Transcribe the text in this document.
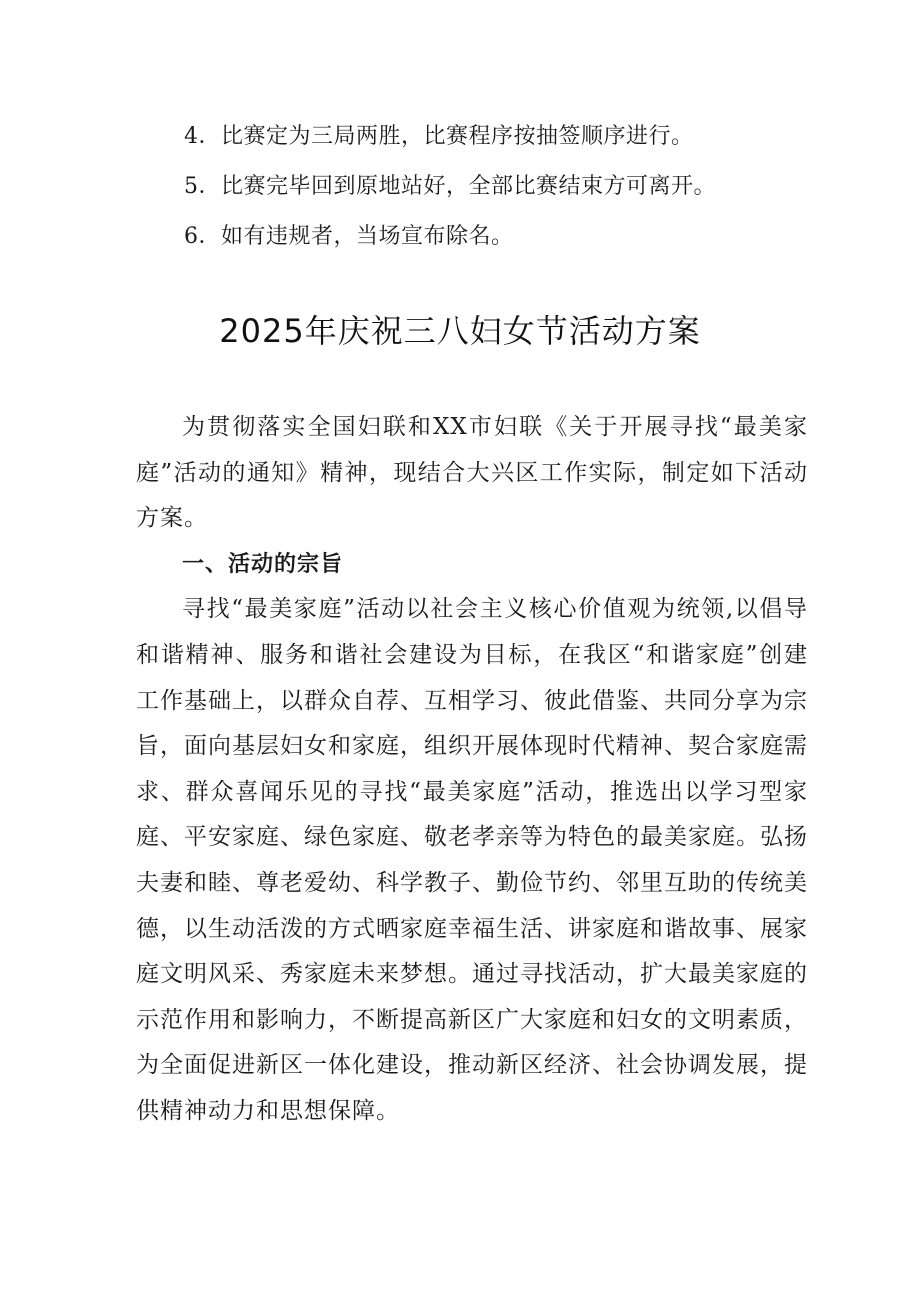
4．比赛定为三局两胜，比赛程序按抽签顺序进行。
5．比赛完毕回到原地站好，全部比赛结束方可离开。
6．如有违规者，当场宣布除名。
2025年庆祝三八妇女节活动方案

为贯彻落实全国妇联和XX市妇联《关于开展寻找“最美家庭”活动的通知》精神，现结合大兴区工作实际，制定如下活动方案。

一、活动的宗旨

寻找“最美家庭”活动以社会主义核心价值观为统领,以倡导和谐精神、服务和谐社会建设为目标，在我区“和谐家庭”创建工作基础上，以群众自荐、互相学习、彼此借鉴、共同分享为宗旨，面向基层妇女和家庭，组织开展体现时代精神、契合家庭需求、群众喜闻乐见的寻找“最美家庭”活动，推选出以学习型家庭、平安家庭、绿色家庭、敬老孝亲等为特色的最美家庭。弘扬夫妻和睦、尊老爱幼、科学教子、勤俭节约、邻里互助的传统美德，以生动活泼的方式晒家庭幸福生活、讲家庭和谐故事、展家庭文明风采、秀家庭未来梦想。通过寻找活动，扩大最美家庭的示范作用和影响力，不断提高新区广大家庭和妇女的文明素质，为全面促进新区一体化建设，推动新区经济、社会协调发展，提供精神动力和思想保障。
